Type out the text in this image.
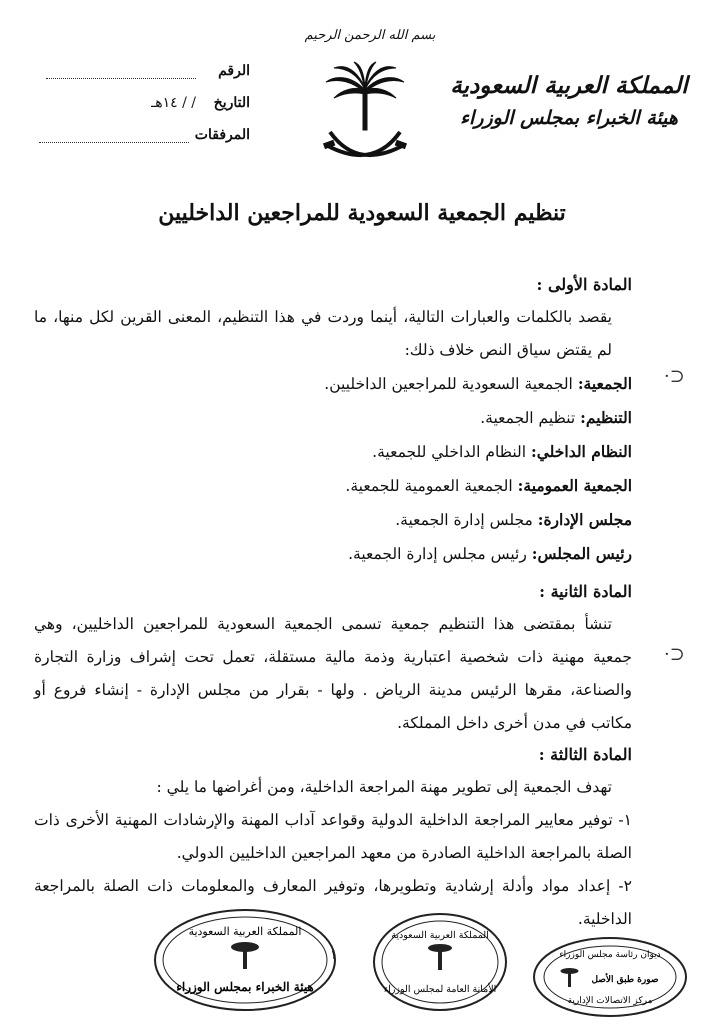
بسم الله الرحمن الرحيم
المملكة العربية السعودية
هيئة الخبراء بمجلس الوزراء
الرقم
التاريخ
/ / ١٤هـ
المرفقات
تنظيم الجمعية السعودية للمراجعين الداخليين
المادة الأولى :
يقصد بالكلمات والعبارات التالية، أينما وردت في هذا التنظيم، المعنى القرين لكل منها، ما لم يقتض سياق النص خلاف ذلك:
الجمعية: الجمعية السعودية للمراجعين الداخليين.
التنظيم: تنظيم الجمعية.
النظام الداخلي: النظام الداخلي للجمعية.
الجمعية العمومية: الجمعية العمومية للجمعية.
مجلس الإدارة: مجلس إدارة الجمعية.
رئيس المجلس: رئيس مجلس إدارة الجمعية.
المادة الثانية :
تنشأ بمقتضى هذا التنظيم جمعية تسمى الجمعية السعودية للمراجعين الداخليين، وهي جمعية مهنية ذات شخصية اعتبارية وذمة مالية مستقلة، تعمل تحت إشراف وزارة التجارة والصناعة، مقرها الرئيس مدينة الرياض . ولها - بقرار من مجلس الإدارة - إنشاء فروع أو مكاتب في مدن أخرى داخل المملكة.
المادة الثالثة :
تهدف الجمعية إلى تطوير مهنة المراجعة الداخلية، ومن أغراضها ما يلي :
١- توفير معايير المراجعة الداخلية الدولية وقواعد آداب المهنة والإرشادات المهنية الأخرى ذات الصلة بالمراجعة الداخلية الصادرة من معهد المراجعين الداخليين الدولي.
٢- إعداد مواد وأدلة إرشادية وتطويرها، وتوفير المعارف والمعلومات ذات الصلة بالمراجعة الداخلية.
⊂·
⊂·
١
المملكة العربية السعودية
هيئة الخبراء بمجلس الوزراء
المملكة العربية السعودية
الأمانة العامة لمجلس الوزراء
ديوان رئاسة مجلس الوزراء
صورة طبق الأصل
مركز الاتصالات الإدارية
